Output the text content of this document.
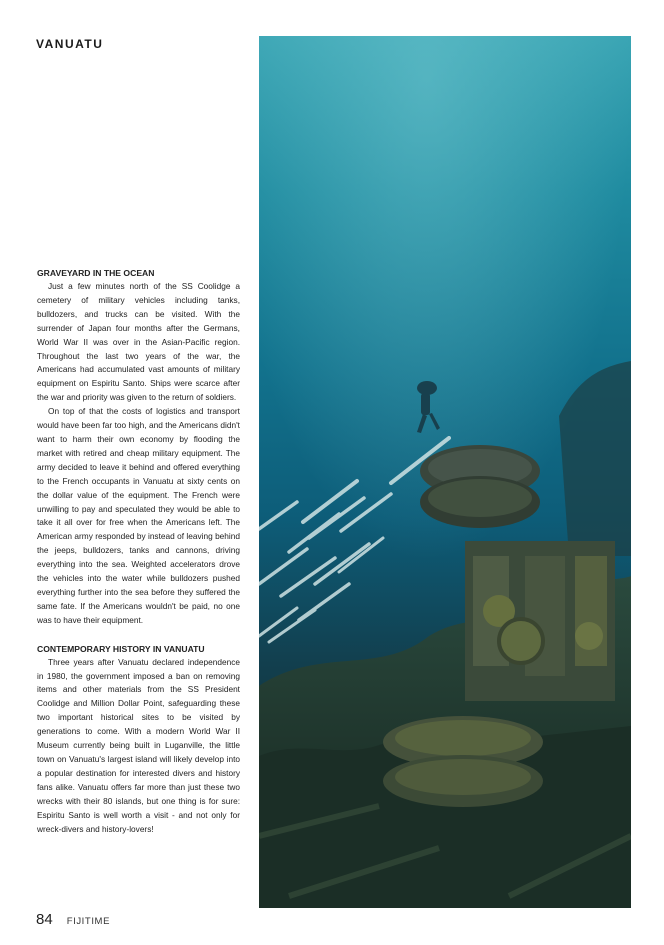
VANUATU

GRAVEYARD IN THE OCEAN

Just a few minutes north of the SS Coolidge a cemetery of military vehicles including tanks, bulldozers, and trucks can be visited. With the surrender of Japan four months after the Germans, World War II was over in the Asian-Pacific region. Throughout the last two years of the war, the Americans had accumulated vast amounts of military equipment on Espiritu Santo. Ships were scarce after the war and priority was given to the return of soldiers.

On top of that the costs of logistics and transport would have been far too high, and the Americans didn't want to harm their own economy by flooding the market with retired and cheap military equipment. The army decided to leave it behind and offered everything to the French occupants in Vanuatu at sixty cents on the dollar value of the equipment. The French were unwilling to pay and speculated they would be able to take it all over for free when the Americans left. The American army responded by instead of leaving behind the jeeps, bulldozers, tanks and cannons, driving everything into the sea. Weighted accelerators drove the vehicles into the water while bulldozers pushed everything further into the sea before they suffered the same fate. If the Americans wouldn't be paid, no one was to have their equipment.

CONTEMPORARY HISTORY IN VANUATU

Three years after Vanuatu declared independence in 1980, the government imposed a ban on removing items and other materials from the SS President Coolidge and Million Dollar Point, safeguarding these two important historical sites to be visited by generations to come. With a modern World War II Museum currently being built in Luganville, the little town on Vanuatu's largest island will likely develop into a popular destination for interested divers and history fans alike. Vanuatu offers far more than just these two wrecks with their 80 islands, but one thing is for sure: Espiritu Santo is well worth a visit - and not only for wreck-divers and history-lovers!

84 FIJITIME
